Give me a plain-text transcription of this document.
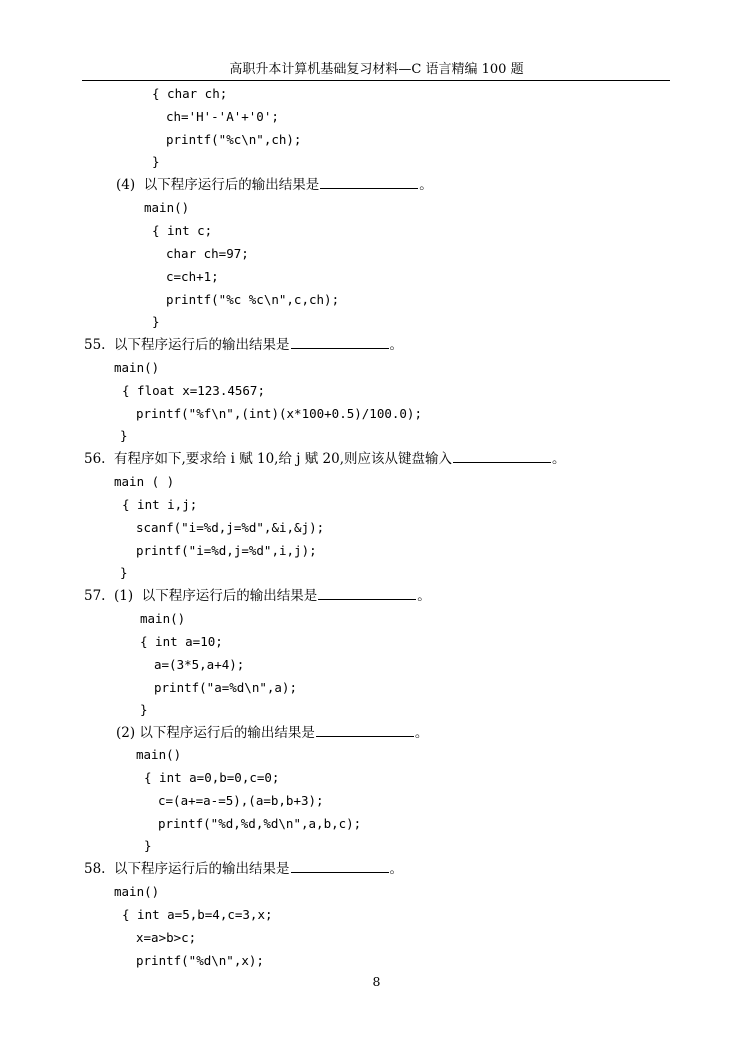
高职升本计算机基础复习材料—C 语言精编 100 题
{ char ch;
ch='H'-'A'+'0';
printf("%c\n",ch);
}
(4)  以下程序运行后的输出结果是	。
main()
{ int c;
char ch=97;
c=ch+1;
printf("%c %c\n",c,ch);
}
55. 以下程序运行后的输出结果是	。
main()
{ float x=123.4567;
printf("%f\n",(int)(x*100+0.5)/100.0);
}
56. 有程序如下,要求给 i 赋 10,给 j 赋 20,则应该从键盘输入	。
main ( )
{ int i,j;
scanf("i=%d,j=%d",&i,&j);
printf("i=%d,j=%d",i,j);
}
57. (1)  以下程序运行后的输出结果是	。
main()
{ int a=10;
a=(3*5,a+4);
printf("a=%d\n",a);
}
(2) 以下程序运行后的输出结果是	。
main()
{ int a=0,b=0,c=0;
c=(a+=a-=5),(a=b,b+3);
printf("%d,%d,%d\n",a,b,c);
}
58. 以下程序运行后的输出结果是	。
main()
{ int a=5,b=4,c=3,x;
x=a>b>c;
printf("%d\n",x);
8
